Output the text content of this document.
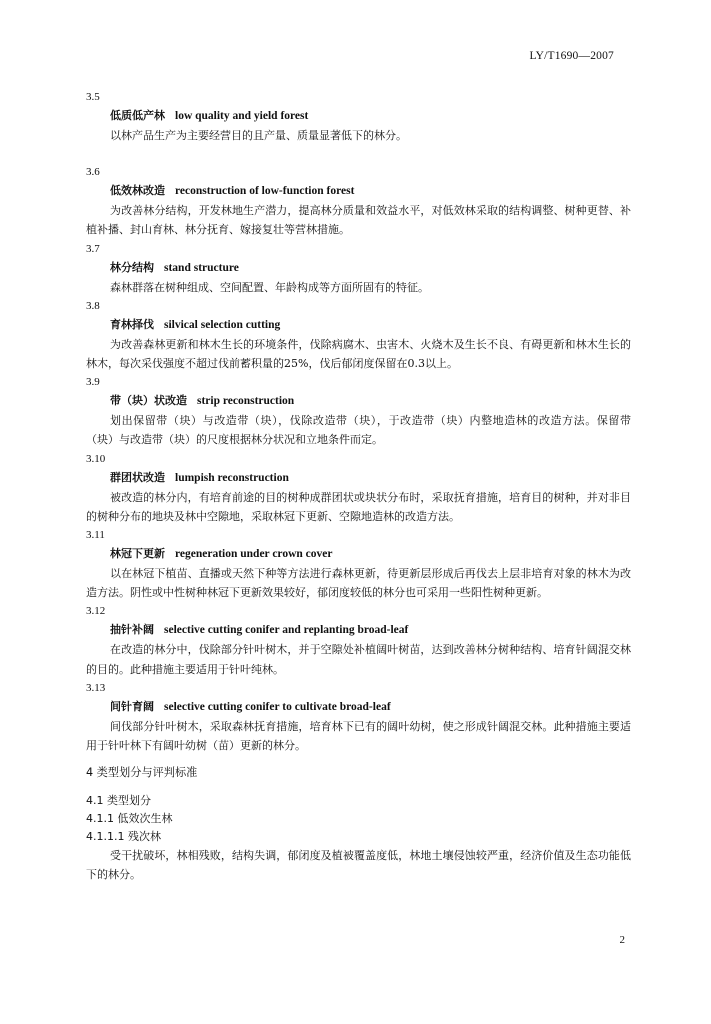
LY/T1690—2007
3.5
低质低产林 low quality and yield forest

以林产品生产为主要经营目的且产量、质量显著低下的林分。

3.6
低效林改造 reconstruction of low-function forest

为改善林分结构，开发林地生产潜力，提高林分质量和效益水平，对低效林采取的结构调整、树种更替、补植补播、封山育林、林分抚育、嫁接复壮等营林措施。

3.7
林分结构 stand structure

森林群落在树种组成、空间配置、年龄构成等方面所固有的特征。

3.8
育林择伐 silvical selection cutting

为改善森林更新和林木生长的环境条件，伐除病腐木、虫害木、火烧木及生长不良、有碍更新和林木生长的林木，每次采伐强度不超过伐前蓄积量的25%，伐后郁闭度保留在0.3以上。

3.9
带（块）状改造 strip reconstruction

划出保留带（块）与改造带（块），伐除改造带（块），于改造带（块）内整地造林的改造方法。保留带（块）与改造带（块）的尺度根据林分状况和立地条件而定。

3.10
群团状改造 lumpish reconstruction

被改造的林分内，有培育前途的目的树种成群团状或块状分布时，采取抚育措施，培育目的树种，并对非目的树种分布的地块及林中空隙地，采取林冠下更新、空隙地造林的改造方法。

3.11
林冠下更新 regeneration under crown cover

以在林冠下植苗、直播或天然下种等方法进行森林更新，待更新层形成后再伐去上层非培育对象的林木为改造方法。阴性或中性树种林冠下更新效果较好，郁闭度较低的林分也可采用一些阳性树种更新。

3.12
抽针补阔 selective cutting conifer and replanting broad-leaf

在改造的林分中，伐除部分针叶树木，并于空隙处补植阔叶树苗，达到改善林分树种结构、培育针阔混交林的目的。此种措施主要适用于针叶纯林。

3.13
间针育阔 selective cutting conifer to cultivate broad-leaf

间伐部分针叶树木，采取森林抚育措施，培育林下已有的阔叶幼树，使之形成针阔混交林。此种措施主要适用于针叶林下有阔叶幼树（苗）更新的林分。

4 类型划分与评判标准
4.1 类型划分
4.1.1 低效次生林
4.1.1.1 残次林

受干扰破坏，林相残败，结构失调，郁闭度及植被覆盖度低，林地土壤侵蚀较严重，经济价值及生态功能低下的林分。

2
